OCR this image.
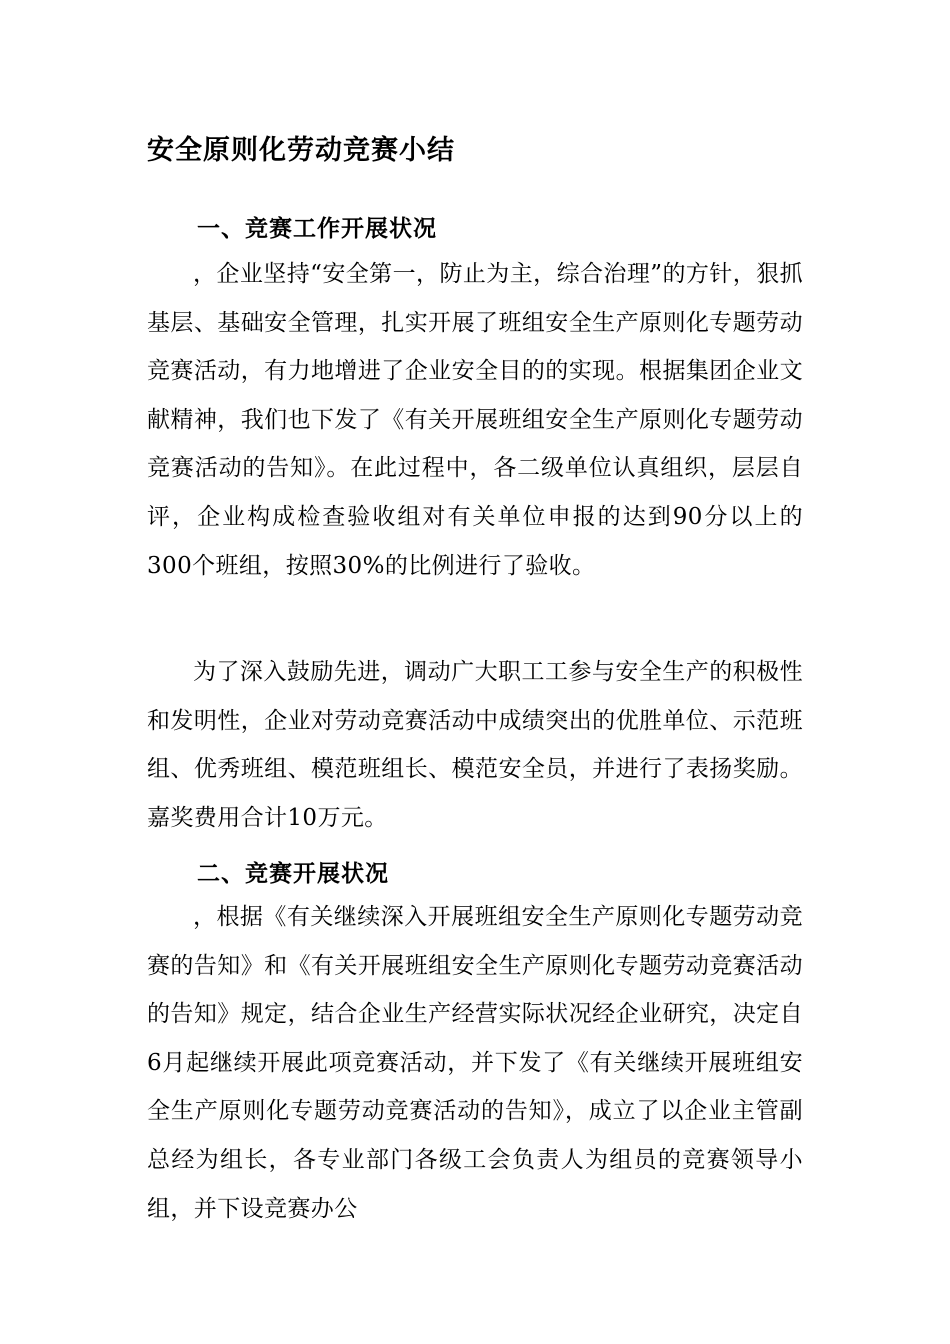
安全原则化劳动竞赛小结
一、竞赛工作开展状况

，企业坚持“安全第一，防止为主，综合治理”的方针，狠抓基层、基础安全管理，扎实开展了班组安全生产原则化专题劳动竞赛活动，有力地增进了企业安全目的的实现。根据集团企业文献精神，我们也下发了《有关开展班组安全生产原则化专题劳动竞赛活动的告知》。在此过程中，各二级单位认真组织，层层自评，企业构成检查验收组对有关单位申报的达到90分以上的300个班组，按照30%的比例进行了验收。

为了深入鼓励先进，调动广大职工工参与安全生产的积极性和发明性，企业对劳动竞赛活动中成绩突出的优胜单位、示范班组、优秀班组、模范班组长、模范安全员，并进行了表扬奖励。嘉奖费用合计10万元。

二、竞赛开展状况

，根据《有关继续深入开展班组安全生产原则化专题劳动竞赛的告知》和《有关开展班组安全生产原则化专题劳动竞赛活动的告知》规定，结合企业生产经营实际状况经企业研究，决定自6月起继续开展此项竞赛活动，并下发了《有关继续开展班组安全生产原则化专题劳动竞赛活动的告知》，成立了以企业主管副总经为组长，各专业部门各级工会负责人为组员的竞赛领导小组，并下设竞赛办公
